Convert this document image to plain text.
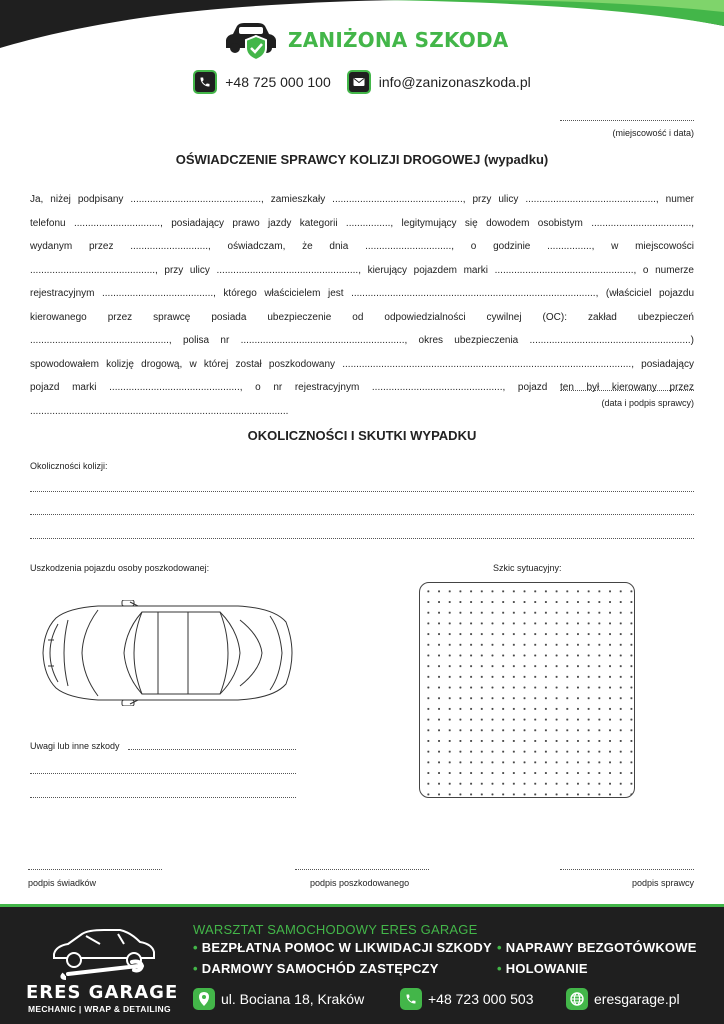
ZANIŻONA SZKODA
+48 725 000 100	info@zanizonaszkoda.pl
(miejscowość i data)
OŚWIADCZENIE SPRAWCY KOLIZJI DROGOWEJ (wypadku)

Ja, niżej podpisany ..............................................., zamieszkały ..............................................., przy ulicy ..............................................., numer

telefonu ..............................., posiadający prawo jazdy kategorii ................, legitymujący się dowodem osobistym ....................................,

wydanym przez ............................, oświadczam, że dnia ..............................., o godzinie ................, w miejscowości

............................................., przy ulicy ..................................................., kierujący pojazdem marki .................................................., o numerze

rejestracyjnym ........................................, którego właścicielem jest ........................................................................................, (właściciel pojazdu

kierowanego przez sprawcę posiada ubezpieczenie od odpowiedzialności cywilnej (OC): zakład ubezpieczeń

.................................................., polisa nr ..........................................................., okres ubezpieczenia ..........................................................)

spowodowałem kolizję drogową, w której został poszkodowany ........................................................................................................, posiadający

pojazd marki ..............................................., o nr rejestracyjnym ..............................................., pojazd ten był kierowany przez

.............................................................................................

(data i podpis sprawcy)
OKOLICZNOŚCI I SKUTKI WYPADKU
Okoliczności kolizji:
Uszkodzenia pojazdu osoby poszkodowanej:	Szkic sytuacyjny:
Uwagi lub inne szkody
podpis świadków	podpis poszkodowanego	podpis sprawcy
ERES GARAGE
MECHANIC | WRAP & DETAILING
WARSZTAT SAMOCHODOWY ERES GARAGE
• BEZPŁATNA POMOC W LIKWIDACJI SZKODY • NAPRAWY BEZGOTÓWKOWE
• DARMOWY SAMOCHÓD ZASTĘPCZY	• HOLOWANIE
ul. Bociana 18, Kraków	+48 723 000 503	eresgarage.pl
